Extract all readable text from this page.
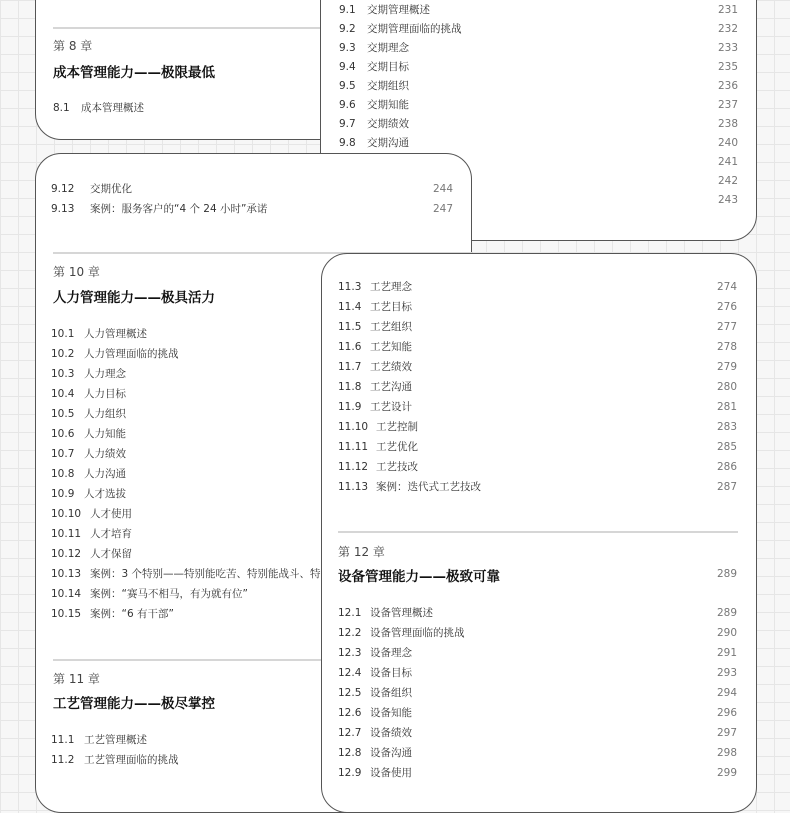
第 8 章
成本管理能力——极限最低
8.1 成本管理概述
9.1 交期管理概述	231
9.2 交期管理面临的挑战	232
9.3 交期理念	233
9.4 交期目标	235
9.5 交期组织	236
9.6 交期知能	237
9.7 交期绩效	238
9.8 交期沟通	240
241
242
243
第 10 章
人力管理能力——极具活力
第 11 章
工艺管理能力——极尽掌控
9.12 交期优化	244
9.13 案例：服务客户的“4 个 24 小时”承诺	247
10.1 人力管理概述
10.2 人力管理面临的挑战
10.3 人力理念
10.4 人力目标
10.5 人力组织
10.6 人力知能
10.7 人力绩效
10.8 人力沟通
10.9 人才选拔
10.10 人才使用
10.11 人才培育
10.12 人才保留
10.13 案例：3 个特别——特别能吃苦、特别能战斗、特
10.14 案例：“赛马不相马，有为就有位”
10.15 案例：“6 有干部”
11.1 工艺管理概述
11.2 工艺管理面临的挑战
第 12 章
设备管理能力——极致可靠	289
11.3 工艺理念	274
11.4 工艺目标	276
11.5 工艺组织	277
11.6 工艺知能	278
11.7 工艺绩效	279
11.8 工艺沟通	280
11.9 工艺设计	281
11.10 工艺控制	283
11.11 工艺优化	285
11.12 工艺技改	286
11.13 案例：迭代式工艺技改	287
12.1 设备管理概述	289
12.2 设备管理面临的挑战	290
12.3 设备理念	291
12.4 设备目标	293
12.5 设备组织	294
12.6 设备知能	296
12.7 设备绩效	297
12.8 设备沟通	298
12.9 设备使用	299
